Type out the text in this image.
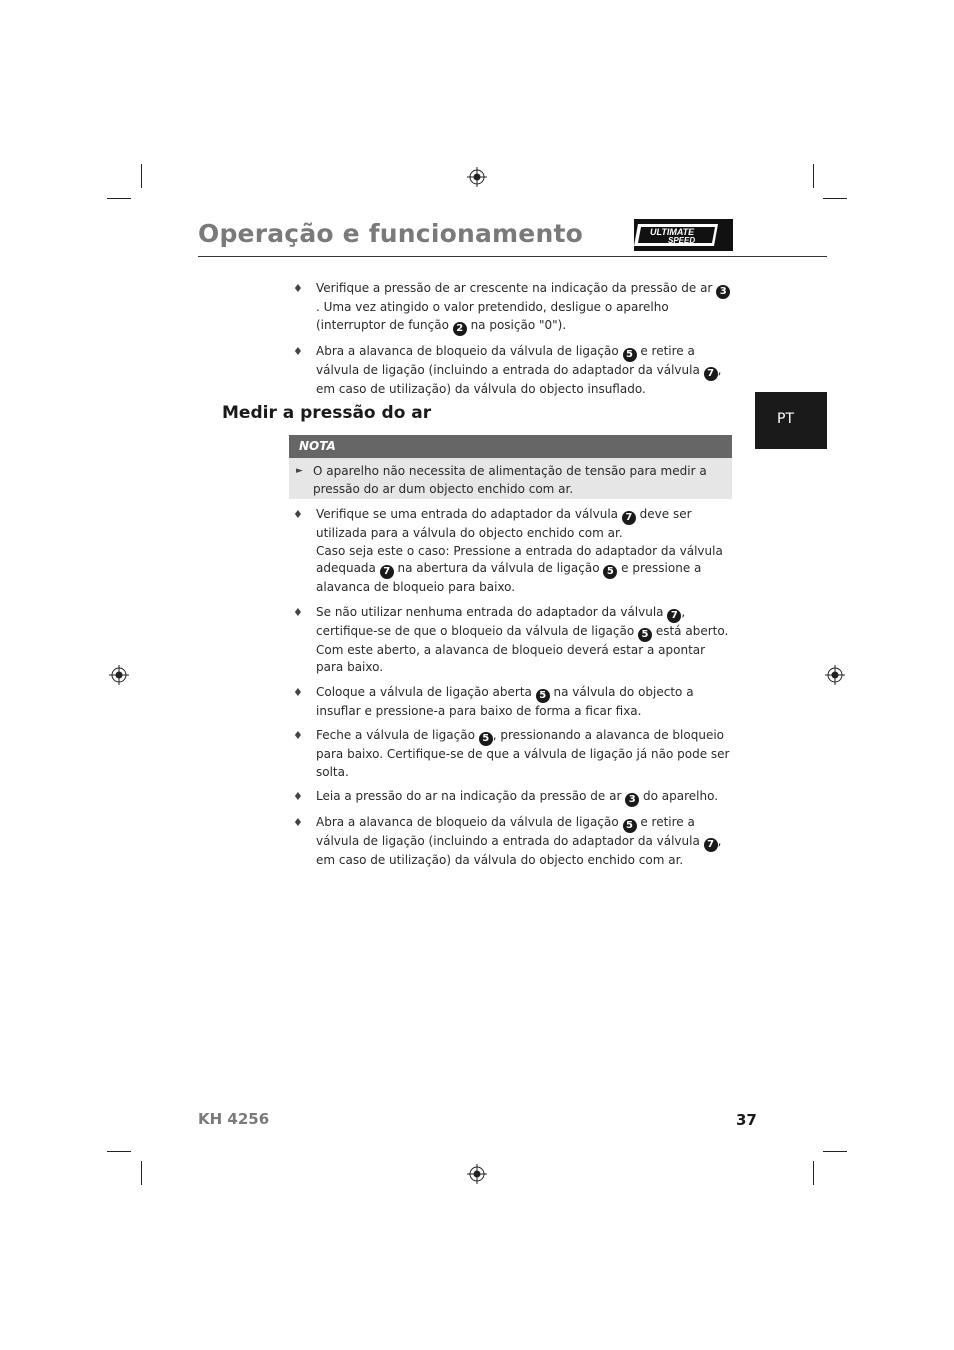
Operação e funcionamento	ULTIMATE
SPEED
PT
♦ Verifique a pressão de ar crescente na indicação da pressão de ar 3. Uma vez atingido o valor pretendido, desligue o aparelho (interruptor de função 2 na posição "0").
♦ Abra a alavanca de bloqueio da válvula de ligação 5 e retire a válvula de ligação (incluindo a entrada do adaptador da válvula 7 , em caso de utilização) da válvula do objecto insuflado.
Medir a pressão do ar
NOTA
► O aparelho não necessita de alimentação de tensão para medir a pressão do ar dum objecto enchido com ar.
♦ Verifique se uma entrada do adaptador da válvula 7 deve ser utilizada para a válvula do objecto enchido com ar.
Caso seja este o caso: Pressione a entrada do adaptador da válvula adequada 7 na abertura da válvula de ligação 5 e pressione a alavanca de bloqueio para baixo.
♦ Se não utilizar nenhuma entrada do adaptador da válvula 7 , certifique-se de que o bloqueio da válvula de ligação 5 está aberto. Com este aberto, a alavanca de bloqueio deverá estar a apontar para baixo.
♦ Coloque a válvula de ligação aberta 5 na válvula do objecto a insuflar e pressione-a para baixo de forma a ficar fixa.
♦ Feche a válvula de ligação 5 , pressionando a alavanca de bloqueio para baixo. Certifique-se de que a válvula de ligação já não pode ser solta.
♦ Leia a pressão do ar na indicação da pressão de ar 3 do aparelho.
♦ Abra a alavanca de bloqueio da válvula de ligação 5 e retire a válvula de ligação (incluindo a entrada do adaptador da válvula 7 , em caso de utilização) da válvula do objecto enchido com ar.
KH 4256	37
